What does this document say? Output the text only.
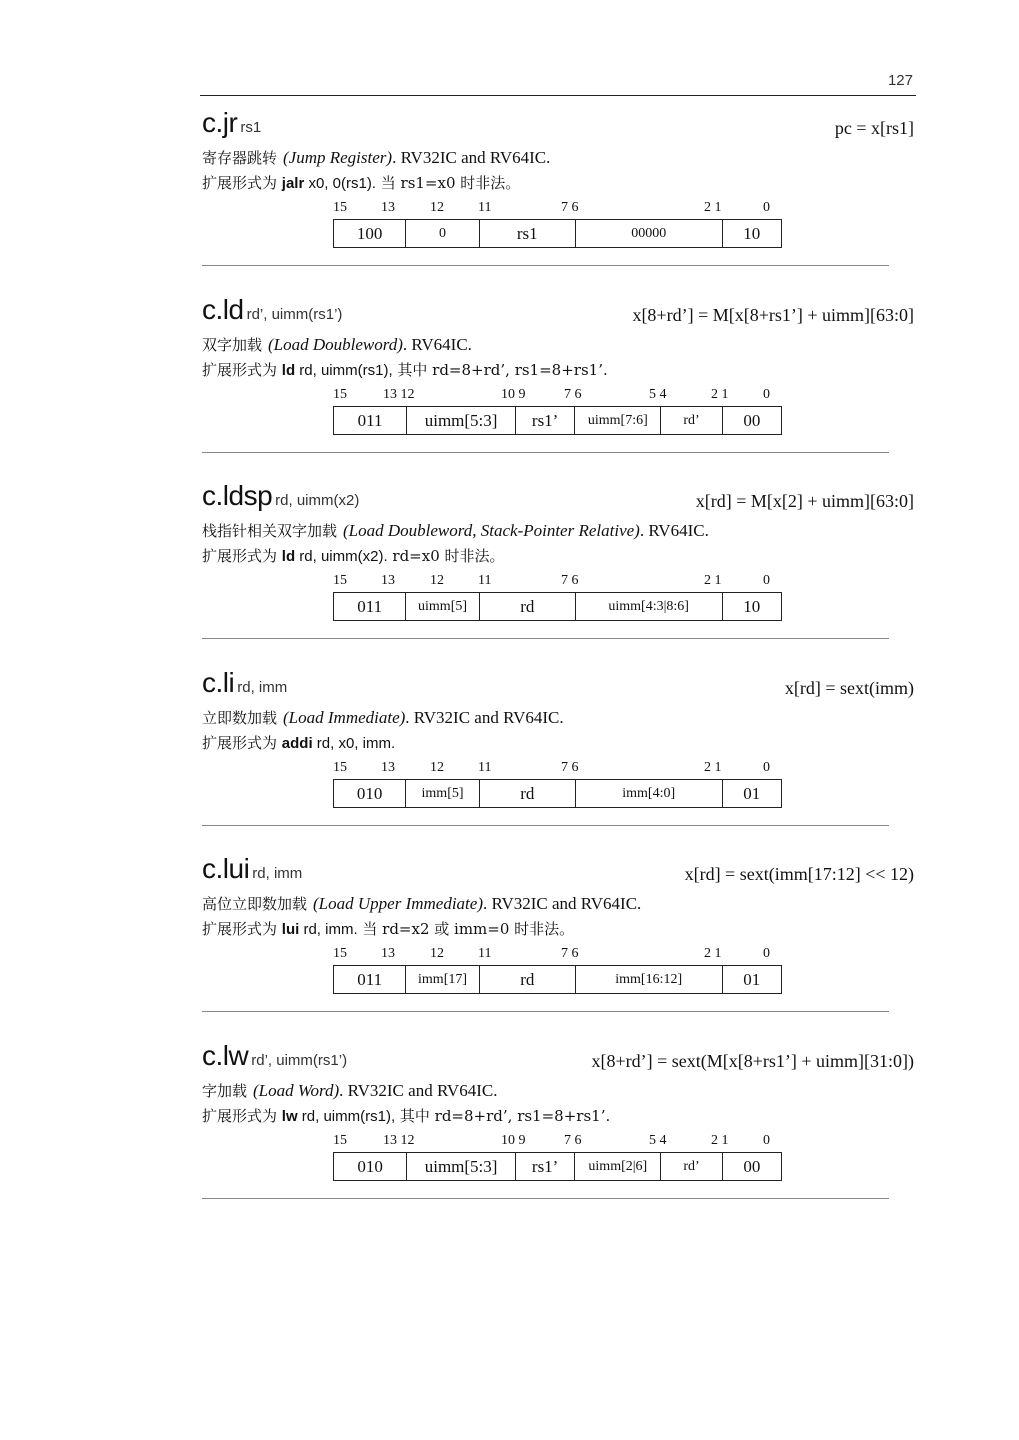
127
c.jr rs1	pc = x[rs1]
寄存器跳转 (Jump Register). RV32IC and RV64IC.
扩展形式为 jalr x0, 0(rs1). 当 rs1=x0 时非法。
15 13	12 11	7 6	2 1	0
100	0	rs1	00000	10
c.ld rd’, uimm(rs1’)	x[8+rd’] = M[x[8+rs1’] + uimm][63:0]
双字加载 (Load Doubleword). RV64IC.
扩展形式为 ld rd, uimm(rs1), 其中 rd=8+rd’, rs1=8+rs1’.
15	13 12	10 9	7 6	5 4	2 1 0
011	uimm[5:3]	rs1’	uimm[7:6]	rd’	00
c.ldsp rd, uimm(x2)	x[rd] = M[x[2] + uimm][63:0]
栈指针相关双字加载 (Load Doubleword, Stack-Pointer Relative). RV64IC.
扩展形式为 ld rd, uimm(x2). rd=x0 时非法。
15 13	12 11	7 6	2 1	0
011	uimm[5]	rd	uimm[4:3|8:6]	10
c.li rd, imm	x[rd] = sext(imm)
立即数加载 (Load Immediate). RV32IC and RV64IC.
扩展形式为 addi rd, x0, imm.
15 13	12 11	7 6	2 1	0
010	imm[5]	rd	imm[4:0]	01
c.lui rd, imm	x[rd] = sext(imm[17:12] << 12)
高位立即数加载 (Load Upper Immediate). RV32IC and RV64IC.
扩展形式为 lui rd, imm. 当 rd=x2 或 imm=0 时非法。
15 13	12 11	7 6	2 1	0
011	imm[17]	rd	imm[16:12]	01
c.lw rd’, uimm(rs1’)	x[8+rd’] = sext(M[x[8+rs1’] + uimm][31:0])
字加载 (Load Word). RV32IC and RV64IC.
扩展形式为 lw rd, uimm(rs1), 其中 rd=8+rd’, rs1=8+rs1’.
15	13 12	10 9	7 6	5 4	2 1 0
010	uimm[5:3]	rs1’	uimm[2|6]	rd’	00
